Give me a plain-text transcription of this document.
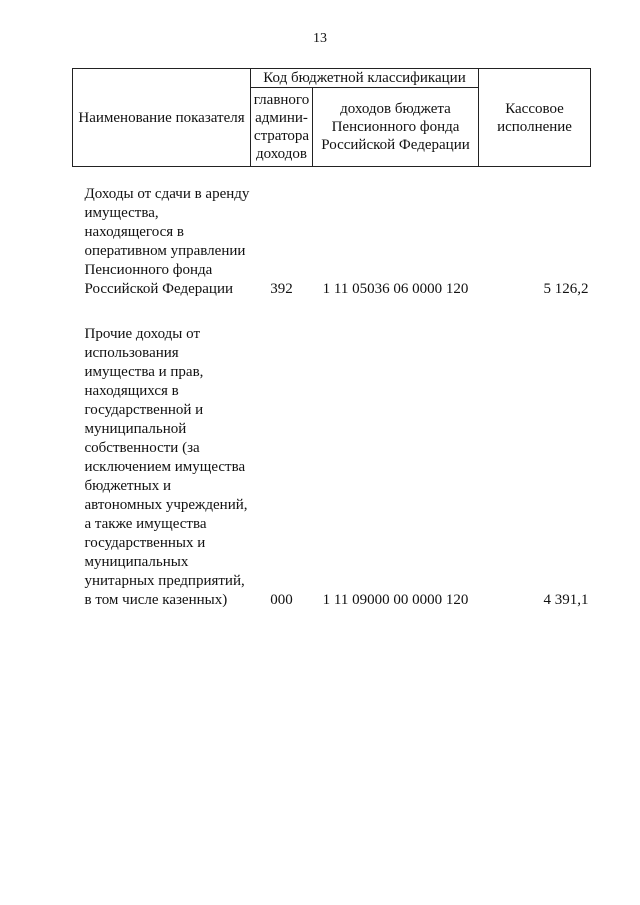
13
Наименование показателя	Код бюджетной классификации		Кассовое исполнение
	главного админи-стратора доходов	доходов бюджета Пенсионного фонда Российской Федерации	

Доходы от сдачи в аренду имущества, находящегося в оперативном управлении Пенсионного фонда Российской Федерации	392	1 11 05036 06 0000 120	5 126,2

Прочие доходы от использования имущества и прав, находящихся в государственной и муниципальной собственности (за исключением имущества бюджетных и автономных учреждений, а также имущества государственных и муниципальных унитарных предприятий, в том числе казенных)	000	1 11 09000 00 0000 120	4 391,1
